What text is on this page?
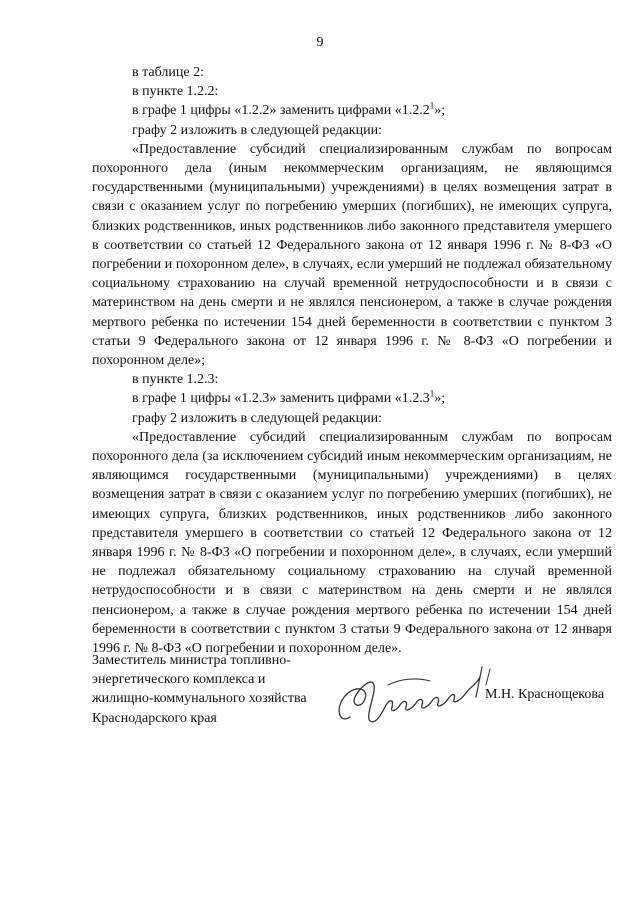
9

в таблице 2:

в пункте 1.2.2:

в графе 1 цифры «1.2.2» заменить цифрами «1.2.2$^1$»;

графу 2 изложить в следующей редакции:

«Предоставление субсидий специализированным службам по вопросам похоронного дела (иным некоммерческим организациям, не являющимся государственными (муниципальными) учреждениями) в целях возмещения затрат в связи с оказанием услуг по погребению умерших (погибших), не имеющих супруга, близких родственников, иных родственников либо законного представителя умершего в соответствии со статьей 12 Федерального закона от 12 января 1996 г. № 8-ФЗ «О погребении и похоронном деле», в случаях, если умерший не подлежал обязательному социальному страхованию на случай временной нетрудоспособности и в связи с материнством на день смерти и не являлся пенсионером, а также в случае рождения мертвого ребенка по истечении 154 дней беременности в соответствии с пунктом 3 статьи 9 Федерального закона от 12 января 1996 г. № 8-ФЗ «О погребении и похоронном деле»;

в пункте 1.2.3:

в графе 1 цифры «1.2.3» заменить цифрами «1.2.3$^1$»;

графу 2 изложить в следующей редакции:

«Предоставление субсидий специализированным службам по вопросам похоронного дела (за исключением субсидий иным некоммерческим организациям, не являющимся государственными (муниципальными) учреждениями) в целях возмещения затрат в связи с оказанием услуг по погребению умерших (погибших), не имеющих супруга, близких родственников, иных родственников либо законного представителя умершего в соответствии со статьей 12 Федерального закона от 12 января 1996 г. № 8-ФЗ «О погребении и похоронном деле», в случаях, если умерший не подлежал обязательному социальному страхованию на случай временной нетрудоспособности и в связи с материнством на день смерти и не являлся пенсионером, а также в случае рождения мертвого ребенка по истечении 154 дней беременности в соответствии с пунктом 3 статьи 9 Федерального закона от 12 января 1996 г. № 8-ФЗ «О погребении и похоронном деле».

Заместитель министра топливно-
энергетического комплекса и
жилищно-коммунального хозяйства
Краснодарского края
М.Н. Краснощекова
